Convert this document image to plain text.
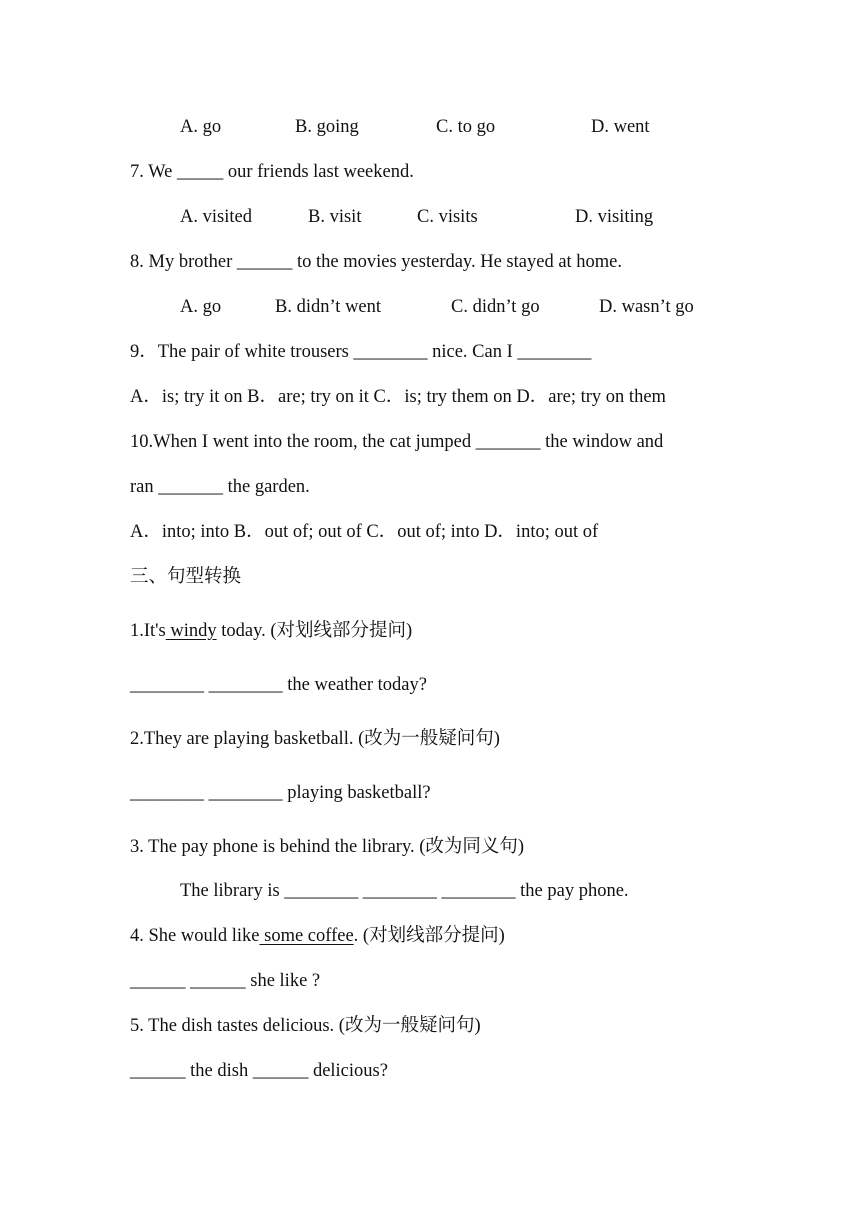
A. go

	B. going

	C. to go

	D. went

7. We _____ our friends last weekend.

A. visited

	B. visit

	C. visits

	D. visiting

8. My brother ______ to the movies yesterday. He stayed at home.

A. go

	B. didn’t went

	C. didn’t go

	D. wasn’t go

9．The pair of white trousers ________ nice. Can I ________

A．is; try it on B．are; try on it C．is; try them on D．are; try on them

10.When I went into the room, the cat jumped _______ the window and

ran _______ the garden.

A．into; into B．out of; out of C．out of; into D．into; out of

三、句型转换

1.It's windy today. (对划线部分提问)

________ ________ the weather today?

2.They are playing basketball. (改为一般疑问句)

________ ________ playing basketball?

3. The pay phone is behind the library. (改为同义句)

The library is ________ ________ ________ the pay phone.

4. She would like some coffee. (对划线部分提问)

______ ______ she like ?

5. The dish tastes delicious. (改为一般疑问句)

______ the dish ______ delicious?
